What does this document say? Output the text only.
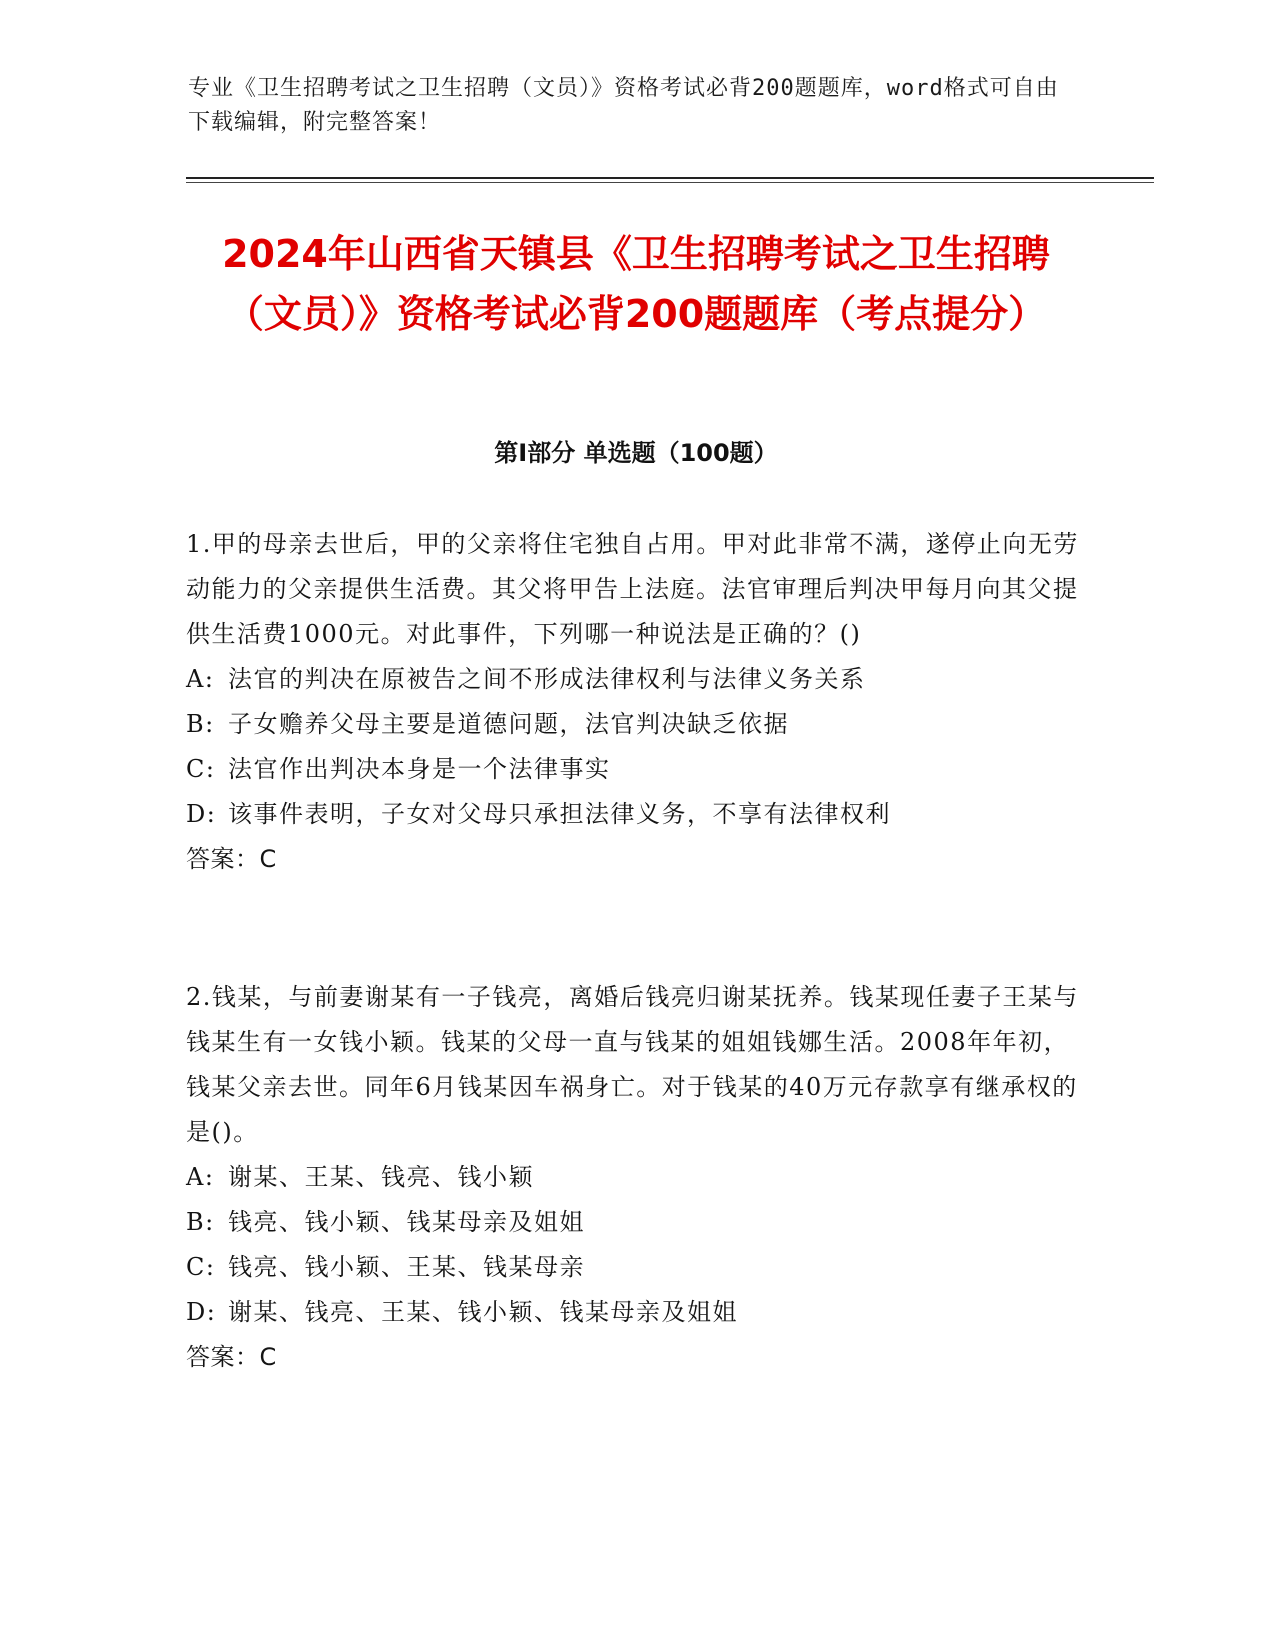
专业《卫生招聘考试之卫生招聘（文员）》资格考试必背200题题库，word格式可自由下载编辑，附完整答案！
2024年山西省天镇县《卫生招聘考试之卫生招聘（文员）》资格考试必背200题题库（考点提分）
第I部分 单选题（100题）

1.甲的母亲去世后，甲的父亲将住宅独自占用。甲对此非常不满，遂停止向无劳动能力的父亲提供生活费。其父将甲告上法庭。法官审理后判决甲每月向其父提供生活费1000元。对此事件，下列哪一种说法是正确的？()

A: 法官的判决在原被告之间不形成法律权利与法律义务关系

B: 子女赡养父母主要是道德问题，法官判决缺乏依据

C: 法官作出判决本身是一个法律事实

D: 该事件表明，子女对父母只承担法律义务，不享有法律权利

答案：C

2.钱某，与前妻谢某有一子钱亮，离婚后钱亮归谢某抚养。钱某现任妻子王某与钱某生有一女钱小颖。钱某的父母一直与钱某的姐姐钱娜生活。2008年年初，钱某父亲去世。同年6月钱某因车祸身亡。对于钱某的40万元存款享有继承权的是()。

A: 谢某、王某、钱亮、钱小颖

B: 钱亮、钱小颖、钱某母亲及姐姐

C: 钱亮、钱小颖、王某、钱某母亲

D: 谢某、钱亮、王某、钱小颖、钱某母亲及姐姐

答案：C
